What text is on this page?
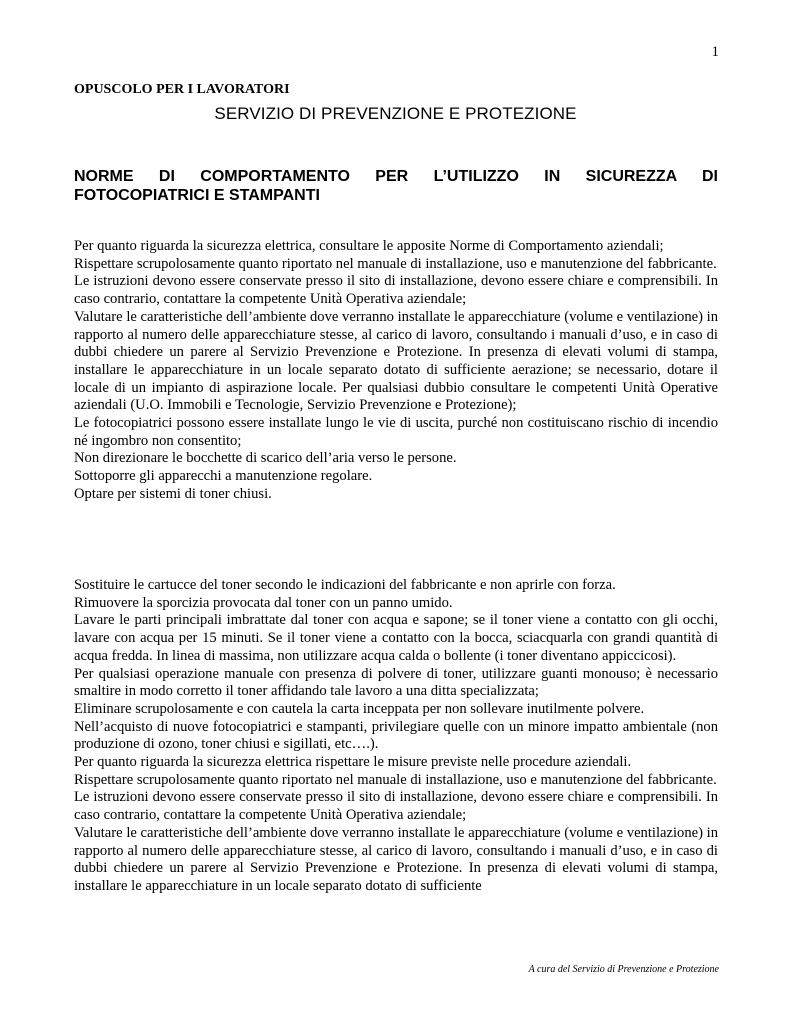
1
OPUSCOLO PER I LAVORATORI
SERVIZIO DI PREVENZIONE E PROTEZIONE
NORME DI COMPORTAMENTO PER L’UTILIZZO IN SICUREZZA DI
FOTOCOPIATRICI E STAMPANTI

Per quanto riguarda la sicurezza elettrica, consultare le apposite Norme di Comportamento aziendali;

Rispettare scrupolosamente quanto riportato nel manuale di installazione, uso e manutenzione del fabbricante.

Le istruzioni devono essere conservate presso il sito di installazione, devono essere chiare e comprensibili. In caso contrario, contattare la competente Unità Operativa aziendale;

Valutare le caratteristiche dell’ambiente dove verranno installate le apparecchiature (volume e ventilazione) in rapporto al numero delle apparecchiature stesse, al carico di lavoro, consultando i manuali d’uso, e in caso di dubbi chiedere un parere al Servizio Prevenzione e Protezione. In presenza di elevati volumi di stampa, installare le apparecchiature in un locale separato dotato di sufficiente aerazione; se necessario, dotare il locale di un impianto di aspirazione locale. Per qualsiasi dubbio consultare le competenti Unità Operative aziendali (U.O. Immobili e Tecnologie, Servizio Prevenzione e Protezione);

Le fotocopiatrici possono essere installate lungo le vie di uscita, purché non costituiscano rischio di incendio né ingombro non consentito;

Non direzionare le bocchette di scarico dell’aria verso le persone.

Sottoporre gli apparecchi a manutenzione regolare.

Optare per sistemi di toner chiusi.

Sostituire le cartucce del toner secondo le indicazioni del fabbricante e non aprirle con forza.

Rimuovere la sporcizia provocata dal toner con un panno umido.

Lavare le parti principali imbrattate dal toner con acqua e sapone; se il toner viene a contatto con gli occhi, lavare con acqua per 15 minuti. Se il toner viene a contatto con la bocca, sciacquarla con grandi quantità di acqua fredda. In linea di massima, non utilizzare acqua calda o bollente (i toner diventano appiccicosi).

Per qualsiasi operazione manuale con presenza di polvere di toner, utilizzare guanti monouso; è necessario smaltire in modo corretto il toner affidando tale lavoro a una ditta specializzata;

Eliminare scrupolosamente e con cautela la carta inceppata per non sollevare inutilmente polvere.

Nell’acquisto di nuove fotocopiatrici e stampanti, privilegiare quelle con un minore impatto ambientale (non produzione di ozono, toner chiusi e sigillati, etc….).

Per quanto riguarda la sicurezza elettrica rispettare le misure previste nelle procedure aziendali.

Rispettare scrupolosamente quanto riportato nel manuale di installazione, uso e manutenzione del fabbricante.

Le istruzioni devono essere conservate presso il sito di installazione, devono essere chiare e comprensibili. In caso contrario, contattare la competente Unità Operativa aziendale;

Valutare le caratteristiche dell’ambiente dove verranno installate le apparecchiature (volume e ventilazione) in rapporto al numero delle apparecchiature stesse, al carico di lavoro, consultando i manuali d’uso, e in caso di dubbi chiedere un parere al Servizio Prevenzione e Protezione. In presenza di elevati volumi di stampa, installare le apparecchiature in un locale separato dotato di sufficiente

A cura del Servizio di Prevenzione e Protezione
